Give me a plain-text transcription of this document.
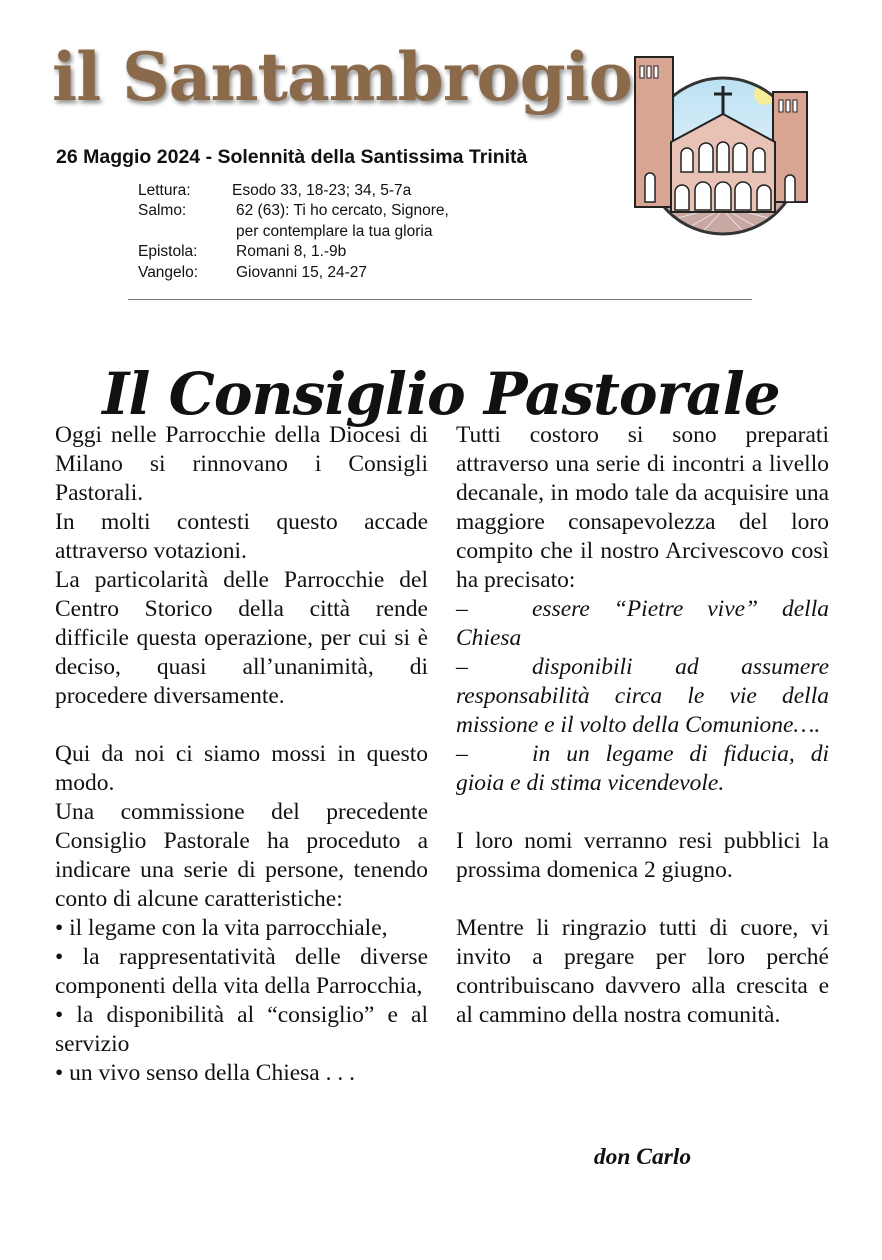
il Santambrogio
26 Maggio 2024 - Solennità della Santissima Trinità
Lettura:	Esodo 33, 18-23; 34, 5-7a
Salmo:	62 (63): Ti ho cercato, Signore,
per contemplare la tua gloria
Epistola:	Romani 8, 1.-9b
Vangelo:	Giovanni 15, 24-27
Il Consiglio Pastorale

Oggi nelle Parrocchie della Diocesi di Milano si rinnovano i Consigli Pastorali.

In molti contesti questo accade attraverso votazioni.

La particolarità delle Parrocchie del Centro Storico della città rende difficile questa operazione, per cui si è deciso, quasi all’unanimità, di procedere diversamente.

Qui da noi ci siamo mossi in questo modo.

Una commissione del precedente Consiglio Pastorale ha proceduto a indicare una serie di persone, tenendo conto di alcune caratteristiche:

• il legame con la vita parrocchiale,

• la rappresentatività delle diverse componenti della vita della Parrocchia,

• la disponibilità al “consiglio” e al servizio

• un vivo senso della Chiesa . . .

Tutti costoro si sono preparati attraverso una serie di incontri a livello decanale, in modo tale da acquisire una maggiore consapevolezza del loro compito che il nostro Arcivescovo così ha precisato:

–	essere “Pietre vive” della Chiesa

–	disponibili ad assumere responsabilità circa le vie della missione e il volto della Comunione….

–	in un legame di fiducia, di gioia e di stima vicendevole.

I loro nomi verranno resi pubblici la prossima domenica 2 giugno.

Mentre li ringrazio tutti di cuore, vi invito a pregare per loro perché contribuiscano davvero alla crescita e al cammino della nostra comunità.

don Carlo
